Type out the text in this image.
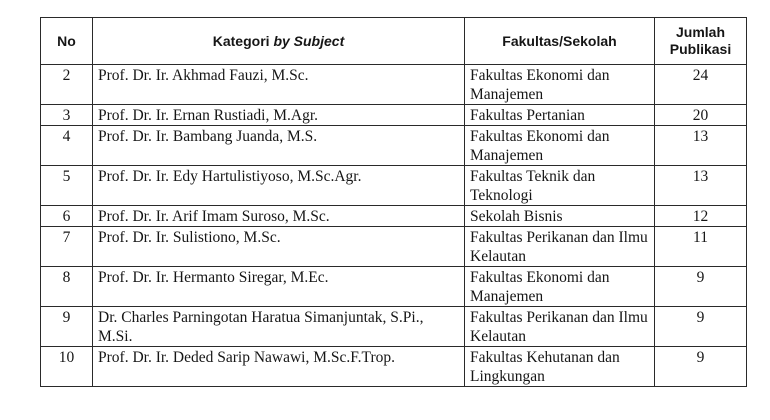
No	Kategori by Subject	Fakultas/Sekolah	Jumlah
Publikasi
2	Prof. Dr. Ir. Akhmad Fauzi, M.Sc.	Fakultas Ekonomi dan Manajemen	24
3	Prof. Dr. Ir. Ernan Rustiadi, M.Agr.	Fakultas Pertanian	20
4	Prof. Dr. Ir. Bambang Juanda, M.S.	Fakultas Ekonomi dan Manajemen	13
5	Prof. Dr. Ir. Edy Hartulistiyoso, M.Sc.Agr.	Fakultas Teknik dan Teknologi	13
6	Prof. Dr. Ir. Arif Imam Suroso, M.Sc.	Sekolah Bisnis	12
7	Prof. Dr. Ir. Sulistiono, M.Sc.	Fakultas Perikanan dan Ilmu Kelautan	11
8	Prof. Dr. Ir. Hermanto Siregar, M.Ec.	Fakultas Ekonomi dan Manajemen	9
9	Dr. Charles Parningotan Haratua Simanjuntak, S.Pi., M.Si.	Fakultas Perikanan dan Ilmu Kelautan	9
10	Prof. Dr. Ir. Deded Sarip Nawawi, M.Sc.F.Trop.	Fakultas Kehutanan dan Lingkungan	9
